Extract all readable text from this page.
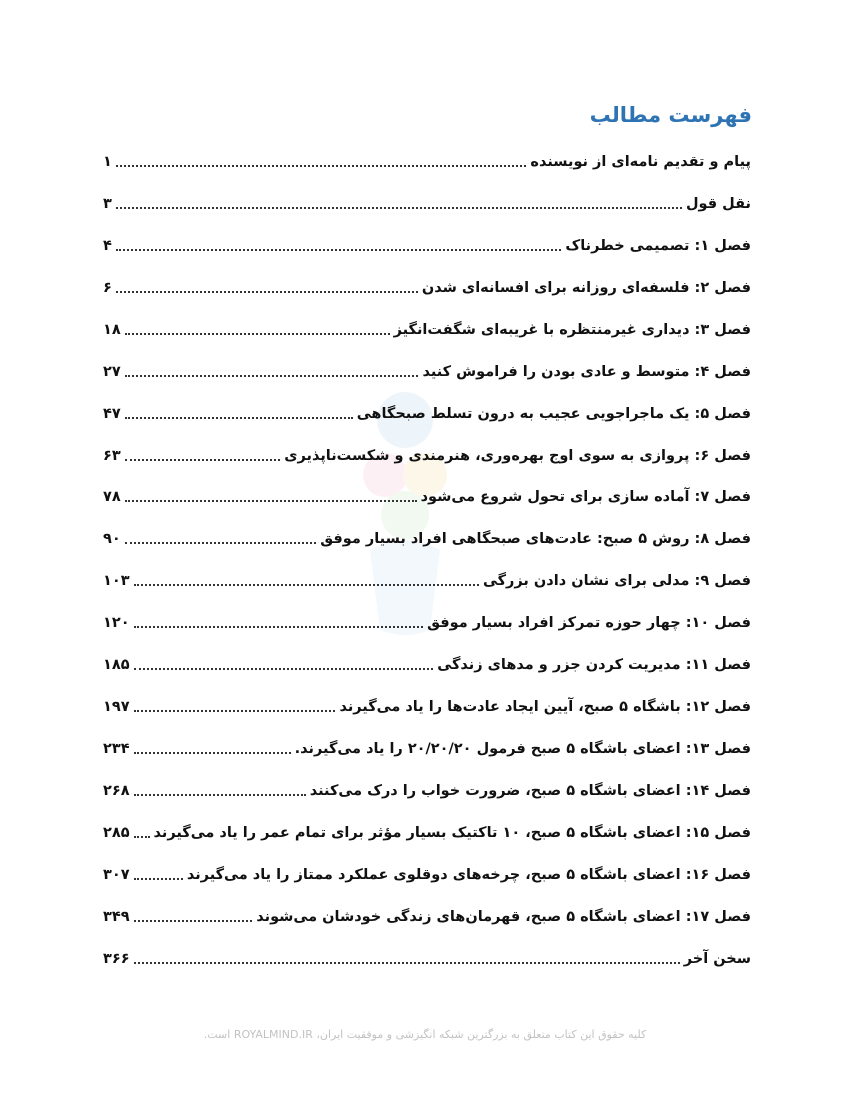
فهرست مطالب
پیام و تقدیم نامه‌ای از نویسنده
۱
نقل قول
۳
فصل ۱: تصمیمی خطرناک
۴
فصل ۲: فلسفه‌ای روزانه برای افسانه‌ای شدن
۶
فصل ۳: دیداری غیرمنتظره با غریبه‌ای شگفت‌انگیز
۱۸
فصل ۴: متوسط و عادی بودن را فراموش کنید
۲۷
فصل ۵: یک ماجراجویی عجیب به درون تسلط صبحگاهی
۴۷
فصل ۶: پروازی به سوی اوج بهره‌وری، هنرمندی و شکست‌ناپذیری
۶۳
فصل ۷: آماده سازی برای تحول شروع می‌شود
۷۸
فصل ۸: روش ۵ صبح: عادت‌های صبحگاهی افراد بسیار موفق
۹۰
فصل ۹: مدلی برای نشان دادن بزرگی
۱۰۳
فصل ۱۰: چهار حوزه تمرکز افراد بسیار موفق
۱۲۰
فصل ۱۱: مدیریت کردن جزر و مدهای زندگی
۱۸۵
فصل ۱۲: باشگاه ۵ صبح، آیین ایجاد عادت‌ها را یاد می‌گیرند
۱۹۷
فصل ۱۳: اعضای باشگاه ۵ صبح فرمول ۲۰/۲۰/۲۰ را یاد می‌گیرند.
۲۳۴
فصل ۱۴: اعضای باشگاه ۵ صبح، ضرورت خواب را درک می‌کنند
۲۶۸
فصل ۱۵: اعضای باشگاه ۵ صبح، ۱۰ تاکتیک بسیار مؤثر برای تمام عمر را یاد می‌گیرند
۲۸۵
فصل ۱۶: اعضای باشگاه ۵ صبح، چرخه‌های دوقلوی عملکرد ممتاز را یاد می‌گیرند
۳۰۷
فصل ۱۷: اعضای باشگاه ۵ صبح، قهرمان‌های زندگی خودشان می‌شوند
۳۴۹
سخن آخر
۳۶۶
کلیه حقوق این کتاب متعلق به بزرگترین شبکه انگیزشی و موفقیت ایران، ROYALMIND.IR است.
